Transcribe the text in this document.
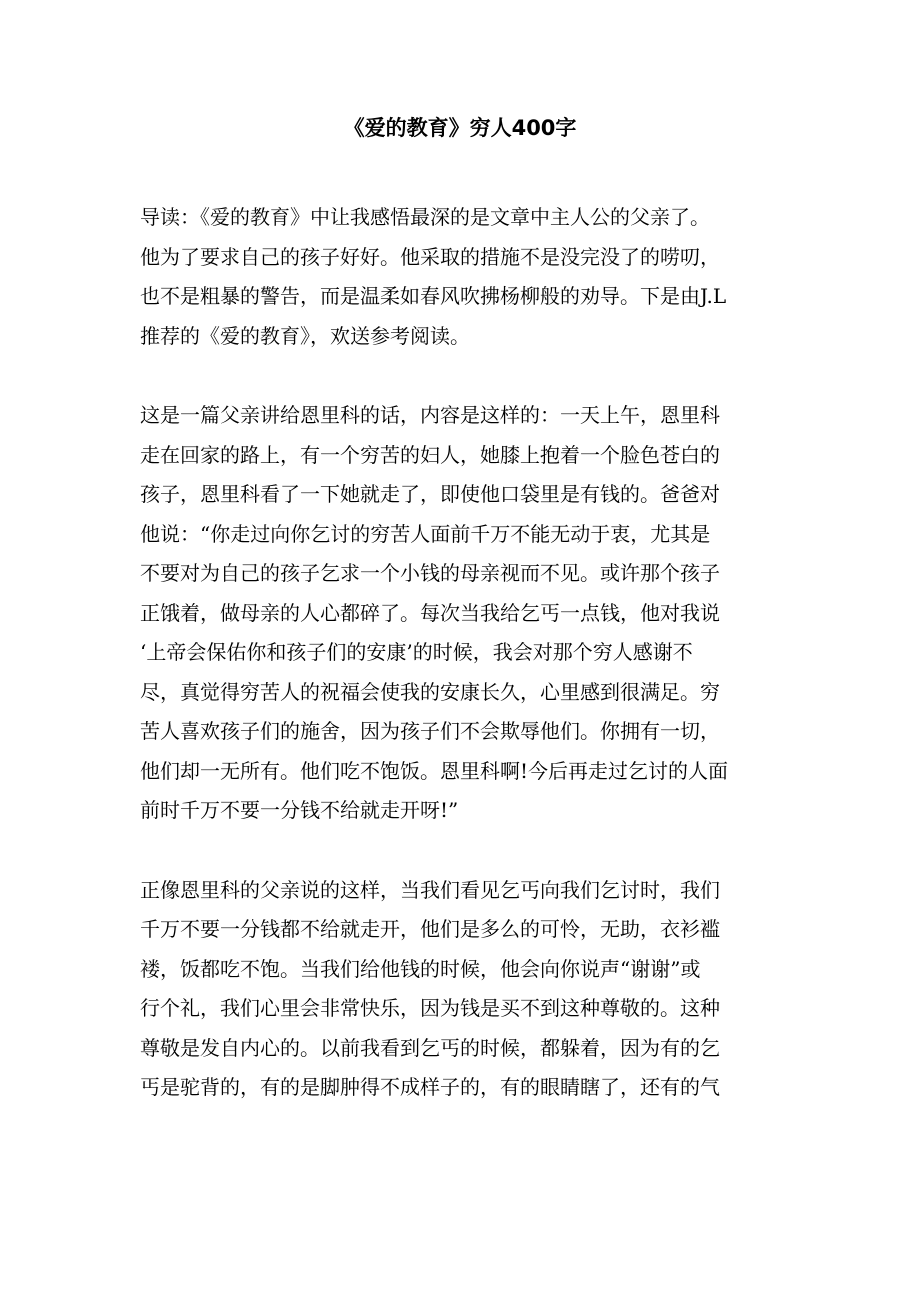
《爱的教育》穷人400字

导读：《爱的教育》中让我感悟最深的是文章中主人公的父亲了。
他为了要求自己的孩子好好。他采取的措施不是没完没了的唠叨，
也不是粗暴的警告，而是温柔如春风吹拂杨柳般的劝导。下是由J.L
推荐的《爱的教育》，欢送参考阅读。

这是一篇父亲讲给恩里科的话，内容是这样的：一天上午，恩里科
走在回家的路上，有一个穷苦的妇人，她膝上抱着一个脸色苍白的
孩子，恩里科看了一下她就走了，即使他口袋里是有钱的。爸爸对
他说：“你走过向你乞讨的穷苦人面前千万不能无动于衷，尤其是
不要对为自己的孩子乞求一个小钱的母亲视而不见。或许那个孩子
正饿着，做母亲的人心都碎了。每次当我给乞丐一点钱，他对我说
‘上帝会保佑你和孩子们的安康’的时候，我会对那个穷人感谢不
尽，真觉得穷苦人的祝福会使我的安康长久，心里感到很满足。穷
苦人喜欢孩子们的施舍，因为孩子们不会欺辱他们。你拥有一切，
他们却一无所有。他们吃不饱饭。恩里科啊!今后再走过乞讨的人面
前时千万不要一分钱不给就走开呀!”

正像恩里科的父亲说的这样，当我们看见乞丐向我们乞讨时，我们
千万不要一分钱都不给就走开，他们是多么的可怜，无助，衣衫褴
褛，饭都吃不饱。当我们给他钱的时候，他会向你说声“谢谢”或
行个礼，我们心里会非常快乐，因为钱是买不到这种尊敬的。这种
尊敬是发自内心的。以前我看到乞丐的时候，都躲着，因为有的乞
丐是驼背的，有的是脚肿得不成样子的，有的眼睛瞎了，还有的气
